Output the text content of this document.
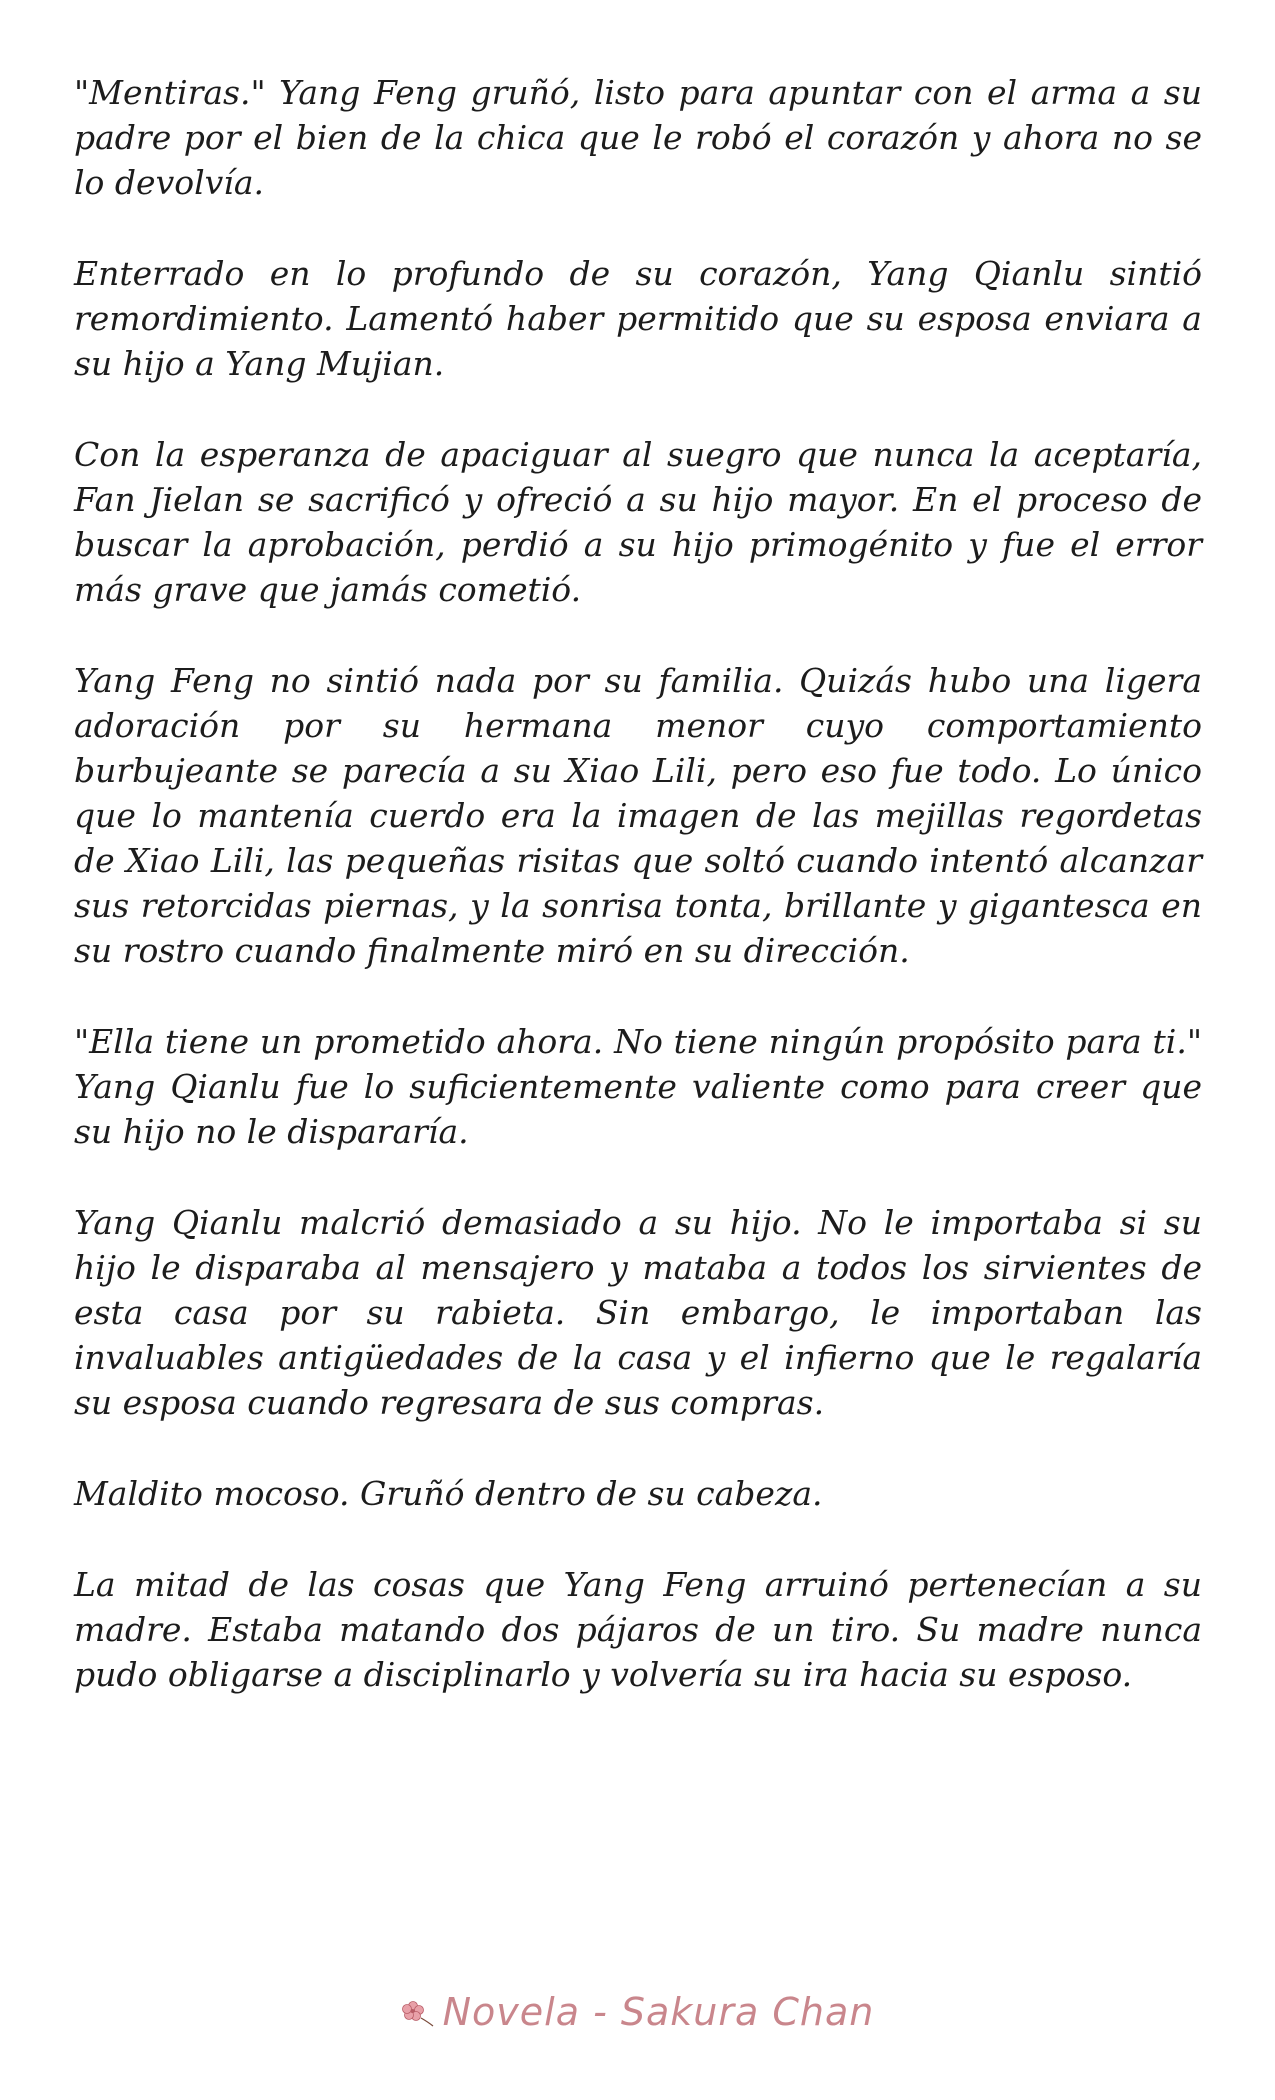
"Mentiras." Yang Feng gruñó, listo para apuntar con el arma a su padre por el bien de la chica que le robó el corazón y ahora no se lo devolvía.

Enterrado en lo profundo de su corazón, Yang Qianlu sintió remordimiento. Lamentó haber permitido que su esposa enviara a su hijo a Yang Mujian.

Con la esperanza de apaciguar al suegro que nunca la aceptaría, Fan Jielan se sacrificó y ofreció a su hijo mayor. En el proceso de buscar la aprobación, perdió a su hijo primogénito y fue el error más grave que jamás cometió.

Yang Feng no sintió nada por su familia. Quizás hubo una ligera adoración por su hermana menor cuyo comportamiento burbujeante se parecía a su Xiao Lili, pero eso fue todo. Lo único que lo mantenía cuerdo era la imagen de las mejillas regordetas de Xiao Lili, las pequeñas risitas que soltó cuando intentó alcanzar sus retorcidas piernas, y la sonrisa tonta, brillante y gigantesca en su rostro cuando finalmente miró en su dirección.

"Ella tiene un prometido ahora. No tiene ningún propósito para ti." Yang Qianlu fue lo suficientemente valiente como para creer que su hijo no le dispararía.

Yang Qianlu malcrió demasiado a su hijo. No le importaba si su hijo le disparaba al mensajero y mataba a todos los sirvientes de esta casa por su rabieta. Sin embargo, le importaban las invaluables antigüedades de la casa y el infierno que le regalaría su esposa cuando regresara de sus compras.

Maldito mocoso. Gruñó dentro de su cabeza.

La mitad de las cosas que Yang Feng arruinó pertenecían a su madre. Estaba matando dos pájaros de un tiro. Su madre nunca pudo obligarse a disciplinarlo y volvería su ira hacia su esposo.

Novela - Sakura Chan
